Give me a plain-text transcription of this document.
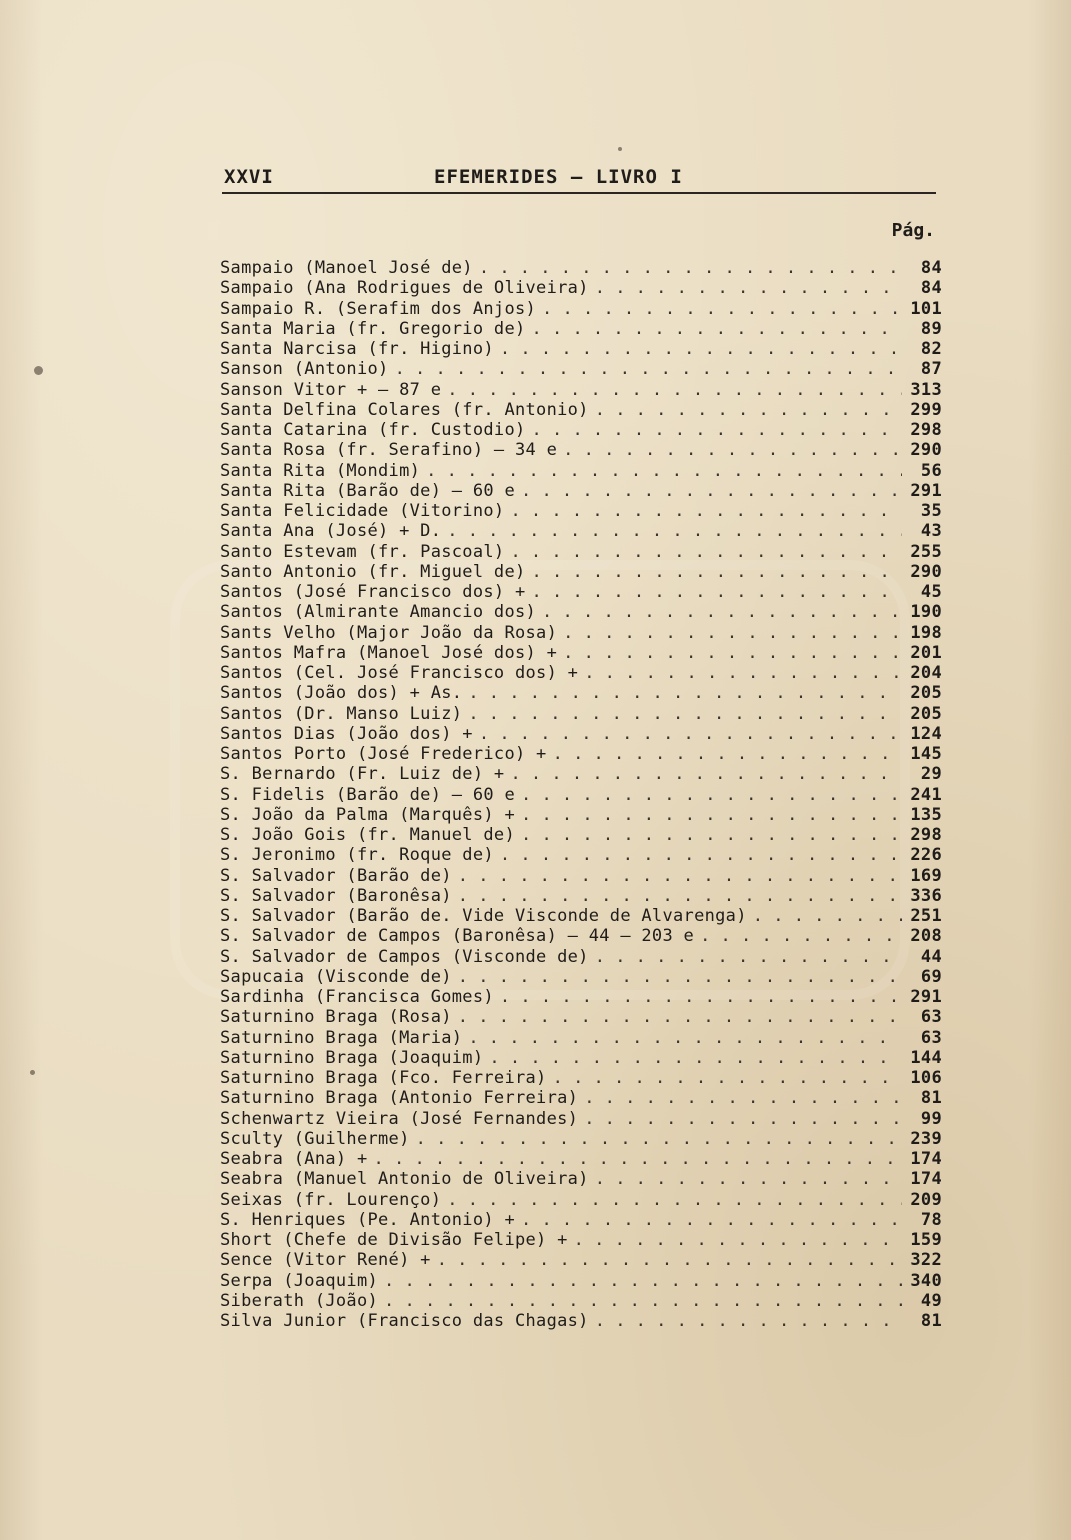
XXVI	EFEMERIDES — LIVRO I
Pág.
Sampaio (Manoel José de) . . .	84
Sampaio (Ana Rodrigues de Oliveira) . . .	84
Sampaio R. (Serafim dos Anjos) . . .	101
Santa Maria (fr. Gregorio de) . . .	89
Santa Narcisa (fr. Higino) . . .	82
Sanson (Antonio) . . .	87
Sanson Vitor + — 87 e . . .	313
Santa Delfina Colares (fr. Antonio) . . .	299
Santa Catarina (fr. Custodio) . . .	298
Santa Rosa (fr. Serafino) — 34 e . . .	290
Santa Rita (Mondim) . . .	56
Santa Rita (Barão de) — 60 e . . .	291
Santa Felicidade (Vitorino) . . .	35
Santa Ana (José) + D. . . .	43
Santo Estevam (fr. Pascoal) . . .	255
Santo Antonio (fr. Miguel de) . . .	290
Santos (José Francisco dos) + . . .	45
Santos (Almirante Amancio dos) . . .	190
Sants Velho (Major João da Rosa) . . .	198
Santos Mafra (Manoel José dos) + . . .	201
Santos (Cel. José Francisco dos) + . . .	204
Santos (João dos) + As. . . .	205
Santos (Dr. Manso Luiz) . . .	205
Santos Dias (João dos) + . . .	124
Santos Porto (José Frederico) + . . .	145
S. Bernardo (Fr. Luiz de) + . . .	29
S. Fidelis (Barão de) — 60 e . . .	241
S. João da Palma (Marquês) + . . .	135
S. João Gois (fr. Manuel de) . . .	298
S. Jeronimo (fr. Roque de) . . .	226
S. Salvador (Barão de) . . .	169
S. Salvador (Baronêsa) . . .	336
S. Salvador (Barão de. Vide Visconde de Alvarenga) . . .	251
S. Salvador de Campos (Baronêsa) — 44 — 203 e . . .	208
S. Salvador de Campos (Visconde de) . . .	44
Sapucaia (Visconde de) . . .	69
Sardinha (Francisca Gomes) . . .	291
Saturnino Braga (Rosa) . . .	63
Saturnino Braga (Maria) . . .	63
Saturnino Braga (Joaquim) . . .	144
Saturnino Braga (Fco. Ferreira) . . .	106
Saturnino Braga (Antonio Ferreira) . . .	81
Schenwartz Vieira (José Fernandes) . . .	99
Sculty (Guilherme) . . .	239
Seabra (Ana) + . . .	174
Seabra (Manuel Antonio de Oliveira) . . .	174
Seixas (fr. Lourenço) . . .	209
S. Henriques (Pe. Antonio) + . . .	78
Short (Chefe de Divisão Felipe) + . . .	159
Sence (Vitor René) + . . .	322
Serpa (Joaquim) . . .	340
Siberath (João) . . .	49
Silva Junior (Francisco das Chagas) . . .	81
